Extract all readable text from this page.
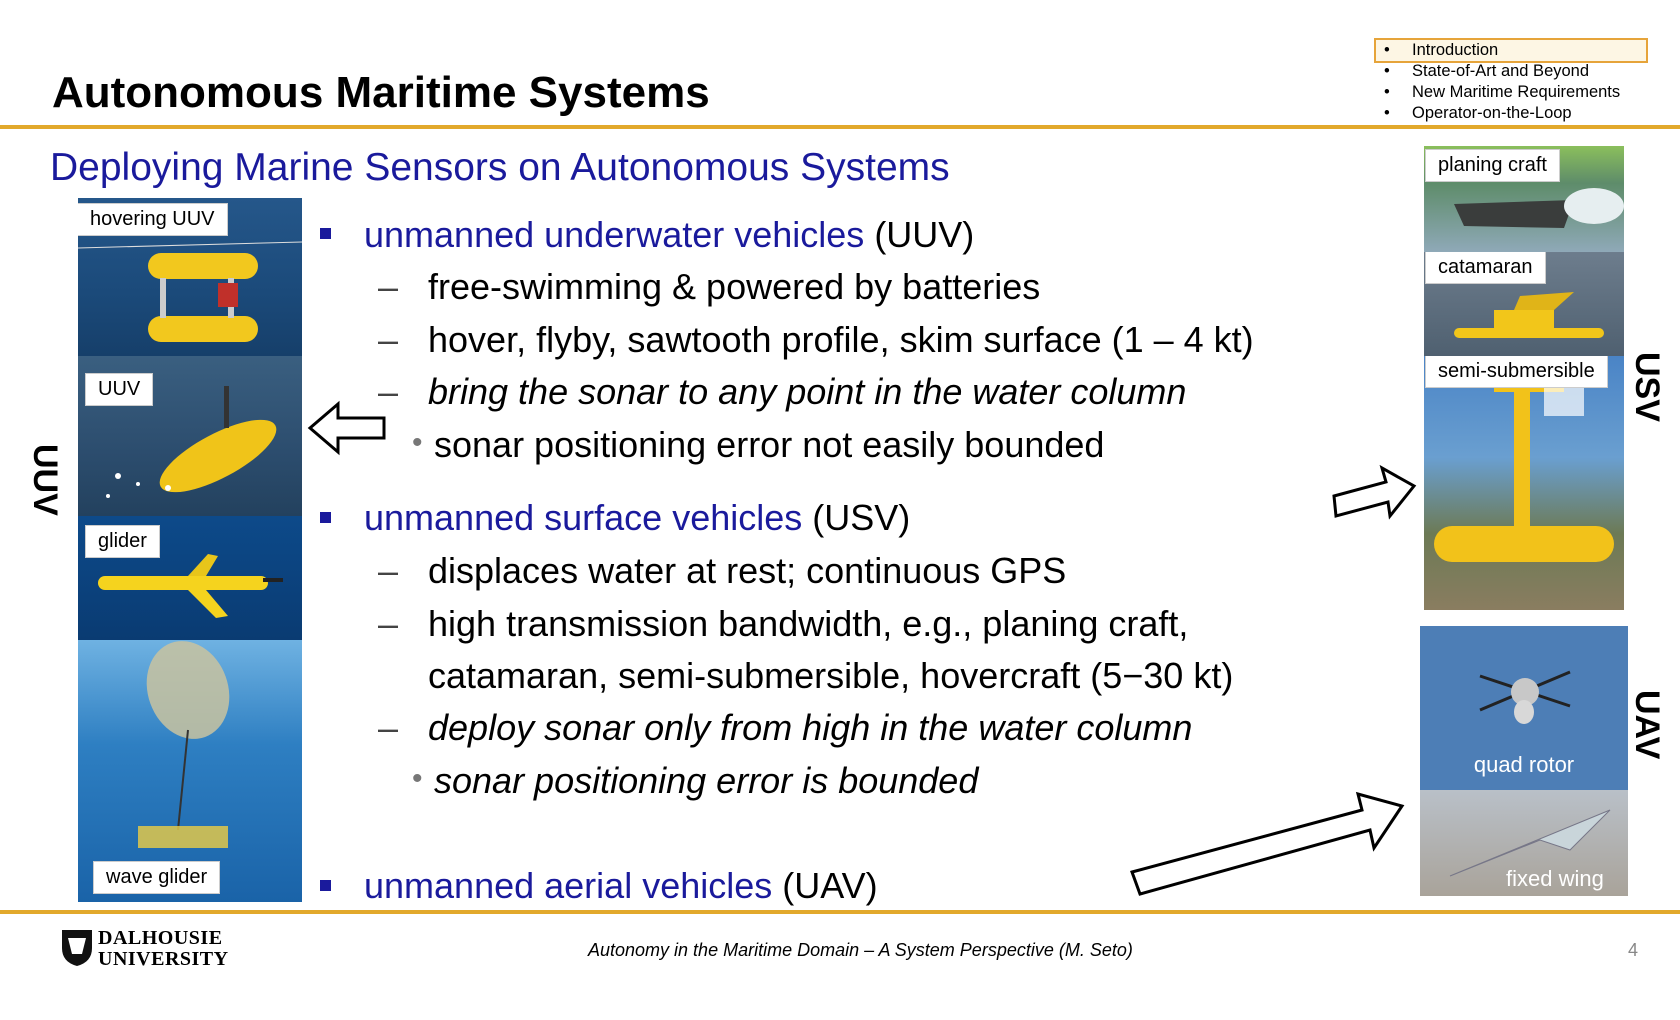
Autonomous Maritime Systems
• Introduction
• State-of-Art and Beyond
• New Maritime Requirements
• Operator-on-the-Loop
Deploying Marine Sensors on Autonomous Systems
UUV
hovering UUV
UUV
glider
wave glider
unmanned underwater vehicles (UUV)
– free-swimming & powered by batteries
– hover, flyby, sawtooth profile, skim surface (1 – 4 kt)
– bring the sonar to any point in the water column
• sonar positioning error not easily bounded
unmanned surface vehicles (USV)
– displaces water at rest; continuous GPS
– high transmission bandwidth, e.g., planing craft,
catamaran, semi-submersible, hovercraft (5−30 kt)
– deploy sonar only from high in the water column
• sonar positioning error is bounded
unmanned aerial vehicles (UAV)
planing craft
catamaran
semi-submersible USV
quad rotor
fixed wing
UAV
DALHOUSIE
UNIVERSITY	Autonomy in the Maritime Domain – A System Perspective (M. Seto)	4
